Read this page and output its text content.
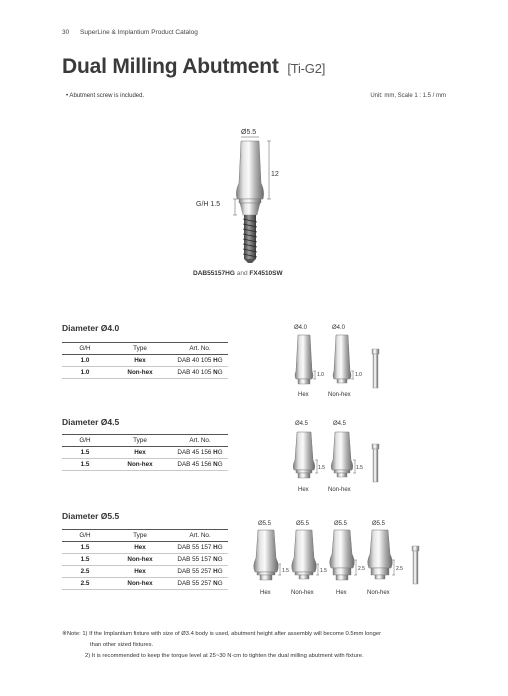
30 SuperLine & Implantium Product Catalog
Dual Milling Abutment [Ti-G2]
• Abutment screw is included.	Unit: mm, Scale 1 : 1.5 / mm
Ø5.5
12
G/H 1.5
DAB55157HG and FX4510SW
Diameter Ø4.0
G/H	Type	Art. No.
1.0	Hex	DAB 40 105 HG
1.0	Non-hex	DAB 40 105 NG
Ø4.0	Ø4.0
1.0	1.0
Hex	Non-hex
Diameter Ø4.5
G/H	Type	Art. No.
1.5	Hex	DAB 45 156 HG
1.5	Non-hex	DAB 45 156 NG
Ø4.5	Ø4.5
1.5	1.5
Hex	Non-hex
Diameter Ø5.5
G/H	Type	Art. No.
1.5	Hex	DAB 55 157 HG
1.5	Non-hex	DAB 55 157 NG
2.5	Hex	DAB 55 257 HG
2.5	Non-hex	DAB 55 257 NG
Ø5.5	Ø5.5	Ø5.5	Ø5.5
1.5	1.5	2.5	2.5
Hex	Non-hex	Hex	Non-hex
※Note: 1) If the Implantium fixture with size of Ø3.4 body is used, abutment height after assembly will become 0.5mm longer
than other sized fixtures.
2) It is recommended to keep the torque level at 25~30 N·cm to tighten the dual milling abutment with fixture.
